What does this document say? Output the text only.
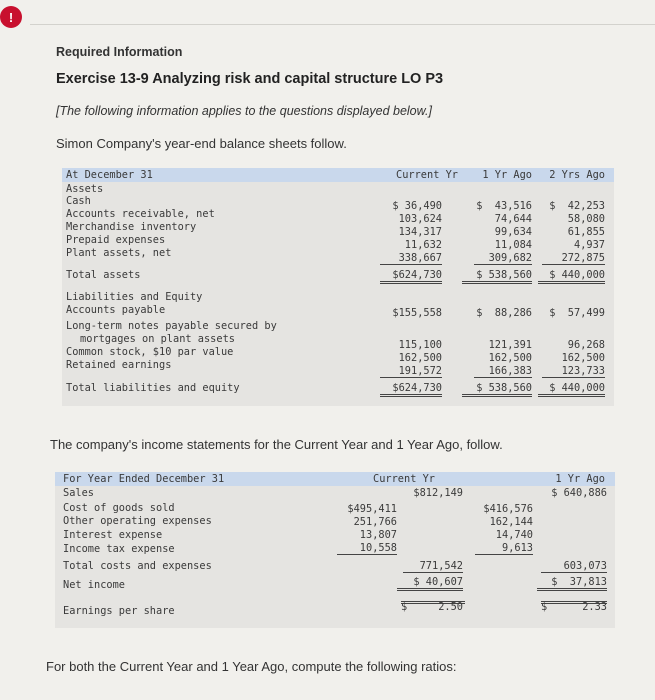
!
Required Information
Exercise 13-9 Analyzing risk and capital structure LO P3
[The following information applies to the questions displayed below.]
Simon Company's year-end balance sheets follow.
At December 31	Current Yr	1 Yr Ago	2 Yrs Ago
Assets
Cash	$ 36,490	$  43,516	$  42,253
Accounts receivable, net	103,624	74,644	58,080
Merchandise inventory	134,317	99,634	61,855
Prepaid expenses	11,632	11,084	4,937
Plant assets, net	338,667	309,682	272,875
Total assets	$624,730	$ 538,560	$ 440,000
Liabilities and Equity
Accounts payable	$155,558	$  88,286	$  57,499
Long-term notes payable secured by
mortgages on plant assets	115,100	121,391	96,268
Common stock, $10 par value	162,500	162,500	162,500
Retained earnings	191,572	166,383	123,733
Total liabilities and equity	$624,730	$ 538,560	$ 440,000
The company's income statements for the Current Year and 1 Year Ago, follow.
For Year Ended December 31	Current Yr	1 Yr Ago
Sales	$812,149	$ 640,886
Cost of goods sold	$495,411	$416,576
Other operating expenses	251,766	162,144
Interest expense	13,807	14,740
Income tax expense	10,558	9,613
Total costs and expenses	771,542	603,073
Net income	$ 40,607	$  37,813
Earnings per share	$	2.50	$	2.33
For both the Current Year and 1 Year Ago, compute the following ratios:
